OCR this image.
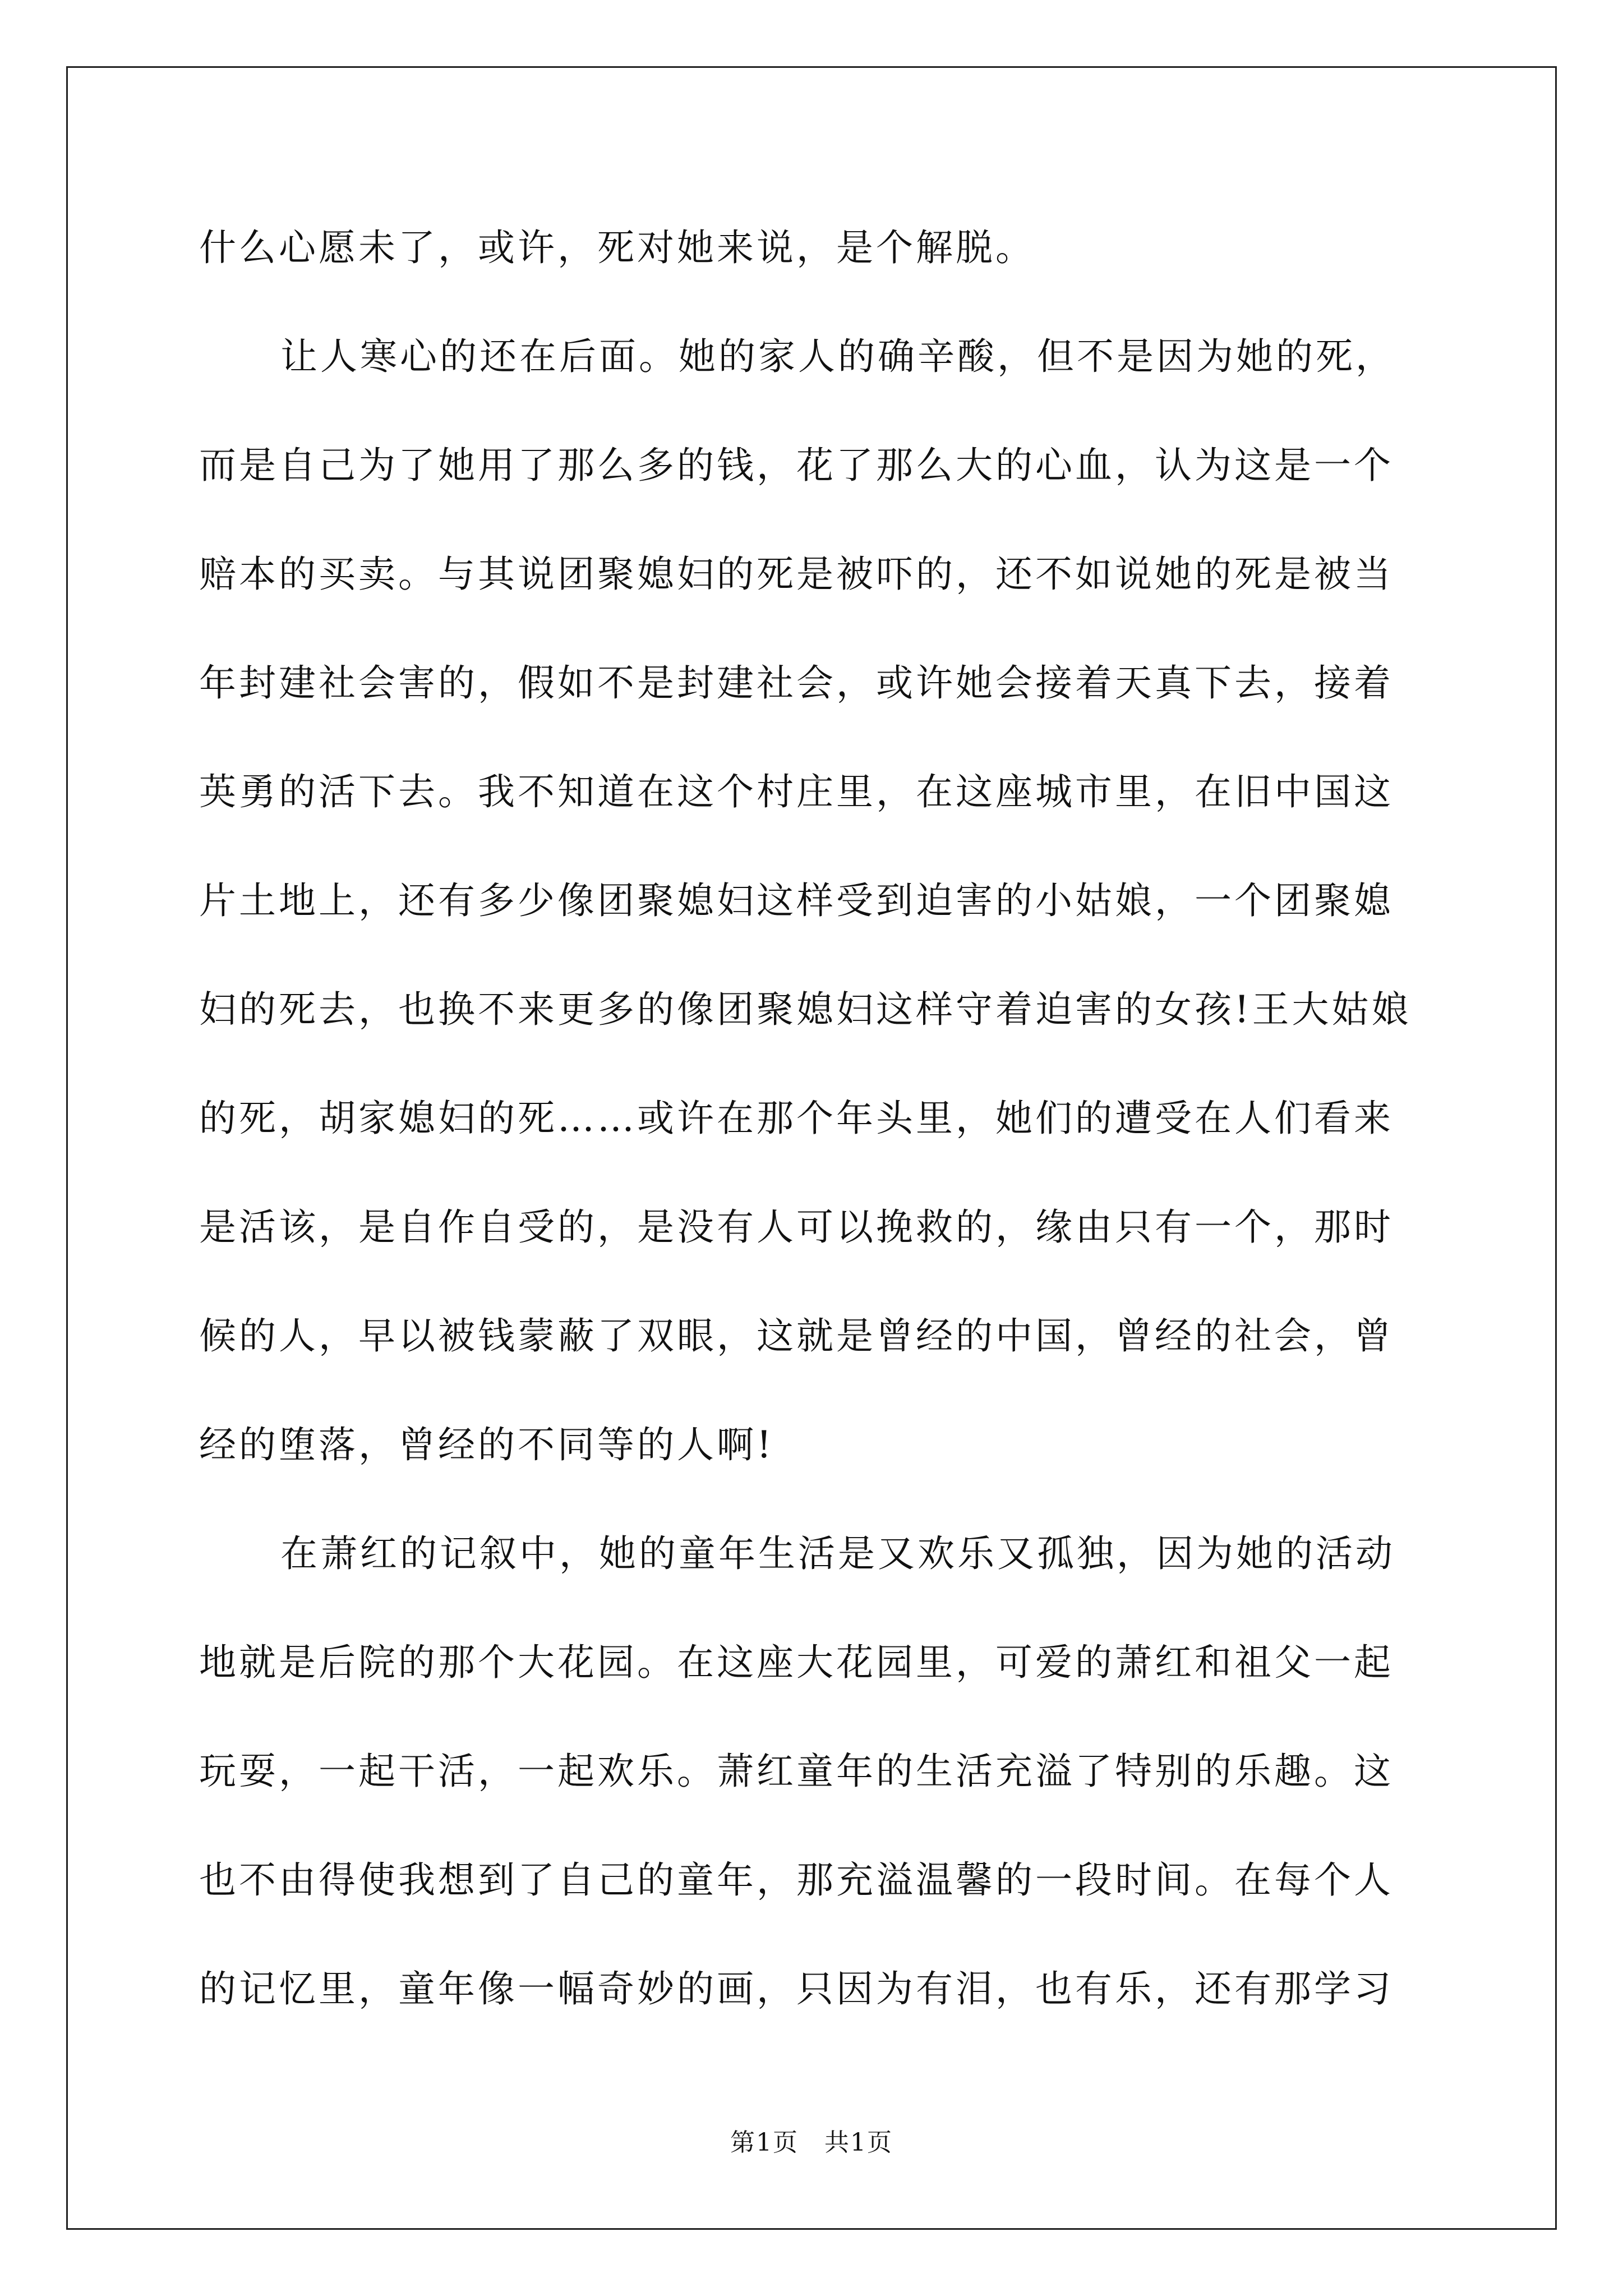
什么心愿未了，或许，死对她来说，是个解脱。
让人寒心的还在后面。她的家人的确辛酸，但不是因为她的死，
而是自己为了她用了那么多的钱，花了那么大的心血，认为这是一个
赔本的买卖。与其说团聚媳妇的死是被吓的，还不如说她的死是被当
年封建社会害的，假如不是封建社会，或许她会接着天真下去，接着
英勇的活下去。我不知道在这个村庄里，在这座城市里，在旧中国这
片土地上，还有多少像团聚媳妇这样受到迫害的小姑娘，一个团聚媳
妇的死去，也换不来更多的像团聚媳妇这样守着迫害的女孩!王大姑娘
的死，胡家媳妇的死……或许在那个年头里，她们的遭受在人们看来
是活该，是自作自受的，是没有人可以挽救的，缘由只有一个，那时
候的人，早以被钱蒙蔽了双眼，这就是曾经的中国，曾经的社会，曾
经的堕落，曾经的不同等的人啊!
在萧红的记叙中，她的童年生活是又欢乐又孤独，因为她的活动
地就是后院的那个大花园。在这座大花园里，可爱的萧红和祖父一起
玩耍，一起干活，一起欢乐。萧红童年的生活充溢了特别的乐趣。这
也不由得使我想到了自己的童年，那充溢温馨的一段时间。在每个人
的记忆里，童年像一幅奇妙的画，只因为有泪，也有乐，还有那学习
第1页　共1页
